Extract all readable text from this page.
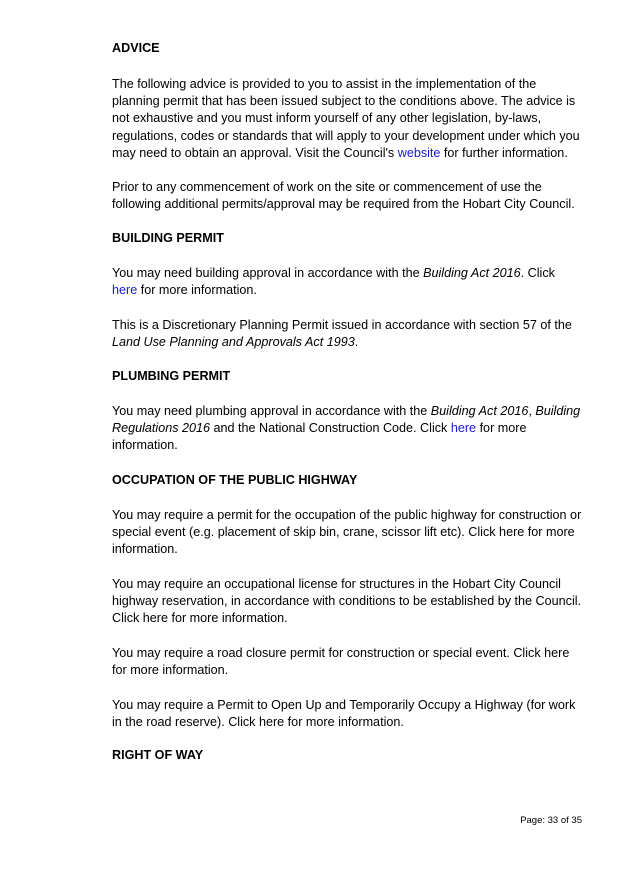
ADVICE

The following advice is provided to you to assist in the implementation of the planning permit that has been issued subject to the conditions above. The advice is not exhaustive and you must inform yourself of any other legislation, by-laws, regulations, codes or standards that will apply to your development under which you may need to obtain an approval. Visit the Council's website for further information.

Prior to any commencement of work on the site or commencement of use the following additional permits/approval may be required from the Hobart City Council.

BUILDING PERMIT

You may need building approval in accordance with the Building Act 2016. Click here for more information.

This is a Discretionary Planning Permit issued in accordance with section 57 of the Land Use Planning and Approvals Act 1993.

PLUMBING PERMIT

You may need plumbing approval in accordance with the Building Act 2016, Building Regulations 2016 and the National Construction Code. Click here for more information.

OCCUPATION OF THE PUBLIC HIGHWAY

You may require a permit for the occupation of the public highway for construction or special event (e.g. placement of skip bin, crane, scissor lift etc). Click here for more information.

You may require an occupational license for structures in the Hobart City Council highway reservation, in accordance with conditions to be established by the Council. Click here for more information.

You may require a road closure permit for construction or special event. Click here for more information.

You may require a Permit to Open Up and Temporarily Occupy a Highway (for work in the road reserve). Click here for more information.

RIGHT OF WAY
Page: 33 of 35
